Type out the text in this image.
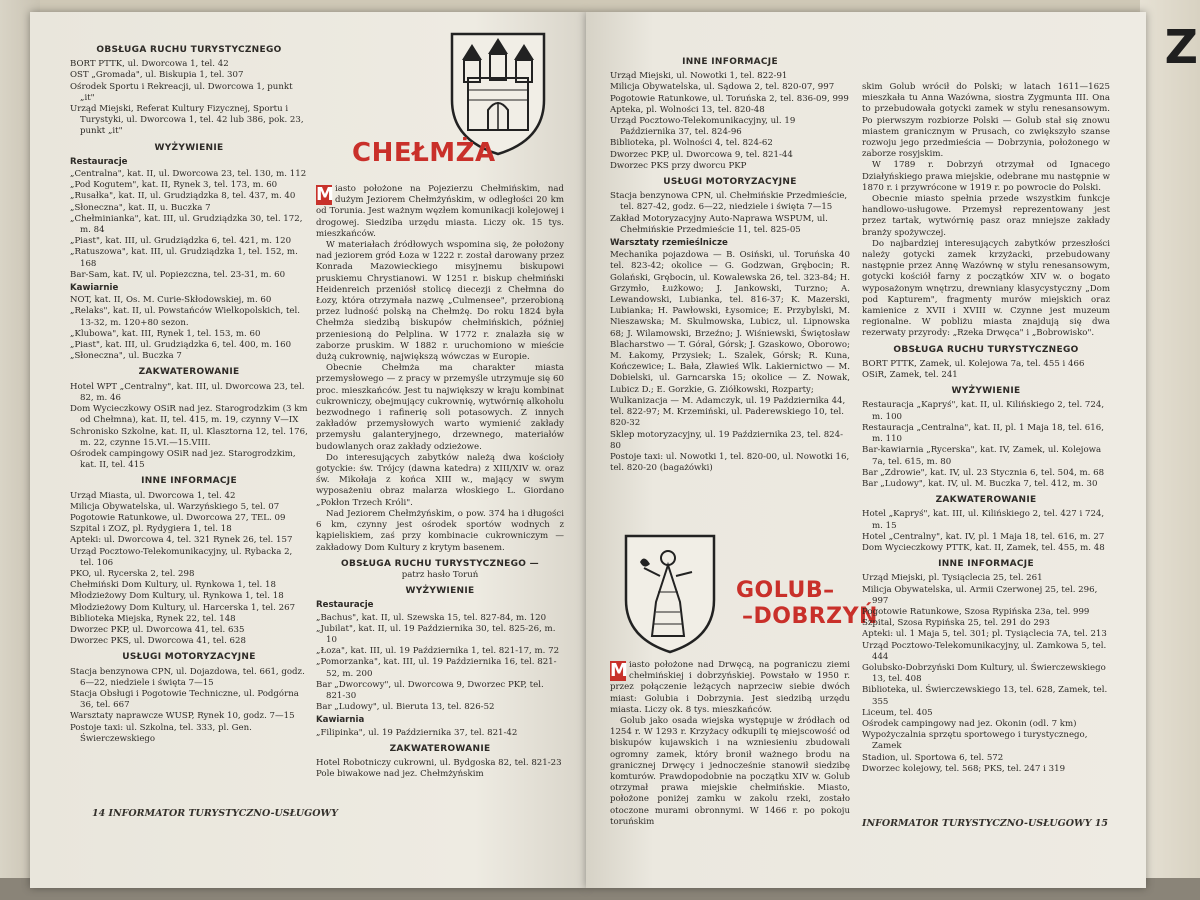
Z
OBSŁUGA RUCHU TURYSTYCZNEGO

BORT PTTK, ul. Dworcowa 1, tel. 42

OST „Gromada", ul. Biskupia 1, tel. 307

Ośrodek Sportu i Rekreacji, ul. Dworcowa 1, punkt „it"

Urząd Miejski, Referat Kultury Fizycznej, Sportu i Turystyki, ul. Dworcowa 1, tel. 42 lub 386, pok. 23, punkt „it"

WYŻYWIENIE
Restauracje

„Centralna", kat. II, ul. Dworcowa 23, tel. 130, m. 112

„Pod Kogutem", kat. II, Rynek 3, tel. 173, m. 60

„Rusałka", kat. II, ul. Grudziądzka 8, tel. 437, m. 40

„Słoneczna", kat. II, u. Buczka 7

„Chełminianka", kat. III, ul. Grudziądzka 30, tel. 172, m. 84

„Piast", kat. III, ul. Grudziądzka 6, tel. 421, m. 120

„Ratuszowa", kat. III, ul. Grudziądzka 1, tel. 152, m. 168

Bar-Sam, kat. IV, ul. Popiezczna, tel. 23-31, m. 60

Kawiarnie

NOT, kat. II, Os. M. Curie-Skłodowskiej, m. 60

„Relaks", kat. II, ul. Powstańców Wielkopolskich, tel. 13-32, m. 120+80 sezon.

„Klubowa", kat. III, Rynek 1, tel. 153, m. 60

„Piast", kat. III, ul. Grudziądzka 6, tel. 400, m. 160

„Słoneczna", ul. Buczka 7

ZAKWATEROWANIE

Hotel WPT „Centralny", kat. III, ul. Dworcowa 23, tel. 82, m. 46

Dom Wycieczkowy OSiR nad jez. Starogrodzkim (3 km od Chełmna), kat. II, tel. 415, m. 19, czynny V—IX

Schronisko Szkolne, kat. II, ul. Klasztorna 12, tel. 176, m. 22, czynne 15.VI.—15.VIII.

Ośrodek campingowy OSiR nad jez. Starogrodzkim, kat. II, tel. 415

INNE INFORMACJE

Urząd Miasta, ul. Dworcowa 1, tel. 42

Milicja Obywatelska, ul. Warzyńskiego 5, tel. 07

Pogotowie Ratunkowe, ul. Dworcowa 27, TEL. 09

Szpital i ZOZ, pl. Rydygiera 1, tel. 18

Apteki: ul. Dworcowa 4, tel. 321 Rynek 26, tel. 157

Urząd Pocztowo-Telekomunikacyjny, ul. Rybacka 2, tel. 106

PKO, ul. Rycerska 2, tel. 298

Chełmiński Dom Kultury, ul. Rynkowa 1, tel. 18

Młodzieżowy Dom Kultury, ul. Rynkowa 1, tel. 18

Młodzieżowy Dom Kultury, ul. Harcerska 1, tel. 267

Biblioteka Miejska, Rynek 22, tel. 148

Dworzec PKP, ul. Dworcowa 41, tel. 635

Dworzec PKS, ul. Dworcowa 41, tel. 628

USŁUGI MOTORYZACYJNE

Stacja benzynowa CPN, ul. Dojazdowa, tel. 661, godz. 6—22, niedziele i święta 7—15

Stacja Obsługi i Pogotowie Techniczne, ul. Podgórna 36, tel. 667

Warsztaty naprawcze WUSP, Rynek 10, godz. 7—15

Postoje taxi: ul. Szkolna, tel. 333, pl. Gen. Świerczewskiego

CHEŁMŻA

M iasto położone na Pojezierzu Chełmińskim, nad dużym Jeziorem Chełmżyńskim, w odległości 20 km od Torunia. Jest ważnym węzłem komunikacji kolejowej i drogowej. Siedziba urzędu miasta. Liczy ok. 15 tys. mieszkańców.

W materiałach źródłowych wspomina się, że położony nad jeziorem gród Łoza w 1222 r. został darowany przez Konrada Mazowieckiego misyjnemu biskupowi pruskiemu Chrystianowi. W 1251 r. biskup chełmiński Heidenreich przeniósł stolicę diecezji z Chełmna do Łozy, która otrzymała nazwę „Culmensee", przerobioną przez ludność polską na Chełmżę. Do roku 1824 była Chełmża siedzibą biskupów chełmińskich, później przeniesioną do Pelplina. W 1772 r. znalazła się w zaborze pruskim. W 1882 r. uruchomiono w mieście dużą cukrownię, największą wówczas w Europie.

Obecnie Chełmża ma charakter miasta przemysłowego — z pracy w przemyśle utrzymuje się 60 proc. mieszkańców. Jest tu największy w kraju kombinat cukrowniczy, obejmujący cukrownię, wytwórnię alkoholu bezwodnego i rafinerię soli potasowych. Z innych zakładów przemysłowych warto wymienić zakłady przemysłu galanteryjnego, drzewnego, materiałów budowlanych oraz zakłady odzieżowe.

Do interesujących zabytków należą dwa kościoły gotyckie: św. Trójcy (dawna katedra) z XIII/XIV w. oraz św. Mikołaja z końca XIII w., mający w swym wyposażeniu obraz malarza włoskiego L. Giordano „Pokłon Trzech Króli".

Nad Jeziorem Chełmżyńskim, o pow. 374 ha i długości 6 km, czynny jest ośrodek sportów wodnych z kąpieliskiem, zaś przy kombinacie cukrowniczym — zakładowy Dom Kultury z krytym basenem.

OBSŁUGA RUCHU TURYSTYCZNEGO —
patrz hasło Toruń
WYŻYWIENIE
Restauracje

„Bachus", kat. II, ul. Szewska 15, tel. 827-84, m. 120

„Jubilat", kat. II, ul. 19 Października 30, tel. 825-26, m. 10

„Łoza", kat. III, ul. 19 Października 1, tel. 821-17, m. 72

„Pomorzanka", kat. III, ul. 19 Października 16, tel. 821-52, m. 200

Bar „Dworcowy", ul. Dworcowa 9, Dworzec PKP, tel. 821-30

Bar „Ludowy", ul. Bieruta 13, tel. 826-52

Kawiarnia

„Filipinka", ul. 19 Października 37, tel. 821-42

ZAKWATEROWANIE

Hotel Robotniczy cukrowni, ul. Bydgoska 82, tel. 821-23

Pole biwakowe nad jez. Chełmżyńskim

14 INFORMATOR TURYSTYCZNO-USŁUGOWY
INNE INFORMACJE

Urząd Miejski, ul. Nowotki 1, tel. 822-91

Milicja Obywatelska, ul. Sądowa 2, tel. 820-07, 997

Pogotowie Ratunkowe, ul. Toruńska 2, tel. 836-09, 999

Apteka, pl. Wolności 13, tel. 820-48

Urząd Pocztowo-Telekomunikacyjny, ul. 19 Października 37, tel. 824-96

Biblioteka, pl. Wolności 4, tel. 824-62

Dworzec PKP, ul. Dworcowa 9, tel. 821-44

Dworzec PKS przy dworcu PKP

USŁUGI MOTORYZACYJNE

Stacja benzynowa CPN, ul. Chełmińskie Przedmieście, tel. 827-42, godz. 6—22, niedziele i święta 7—15

Zakład Motoryzacyjny Auto-Naprawa WSPUM, ul. Chełmińskie Przedmieście 11, tel. 825-05

Warsztaty rzemieślnicze

Mechanika pojazdowa — B. Osiński, ul. Toruńska 40 tel. 823-42; okolice — G. Godzwan, Grębocin; R. Golański, Grębocin, ul. Kowalewska 26, tel. 323-84; H. Grzymło, Łużkowo; J. Jankowski, Turzno; A. Lewandowski, Lubianka, tel. 816-37; K. Mazerski, Lubianka; H. Pawłowski, Łysomice; E. Przybylski, M. Nieszawska; M. Skulmowska, Lubicz, ul. Lipnowska 68; J. Wilamowski, Brzeźno; J. Wiśniewski, Świętosław Blacharstwo — T. Góral, Górsk; J. Gzaskowo, Oborowo; M. Łakomy, Przysiek; L. Szalek, Górsk; R. Kuna, Kończewice; L. Bała, Zławieś Wlk. Lakiernictwo — M. Dobielski, ul. Garncarska 15; okolice — Z. Nowak, Lubicz D.; E. Gorzkie, G. Ziółkowski, Rozparty;

Wulkanizacja — M. Adamczyk, ul. 19 Października 44, tel. 822-97; M. Krzemiński, ul. Paderewskiego 10, tel. 820-32

Sklep motoryzacyjny, ul. 19 Października 23, tel. 824-80

Postoje taxi: ul. Nowotki 1, tel. 820-00, ul. Nowotki 16, tel. 820-20 (bagażówki)

GOLUB–
–DOBRZYŃ

M iasto położone nad Drwęcą, na pograniczu ziemi chełmińskiej i dobrzyńskiej. Powstało w 1950 r. przez połączenie leżących naprzeciw siebie dwóch miast: Golubia i Dobrzynia. Jest siedzibą urzędu miasta. Liczy ok. 8 tys. mieszkańców.

Golub jako osada wiejska występuje w źródłach od 1254 r. W 1293 r. Krzyżacy odkupili tę miejscowość od biskupów kujawskich i na wzniesieniu zbudowali ogromny zamek, który bronił ważnego brodu na granicznej Drwęcy i jednocześnie stanowił siedzibę komturów. Prawdopodobnie na początku XIV w. Golub otrzymał prawa miejskie chełmińskie. Miasto, położone poniżej zamku w zakolu rzeki, zostało otoczone murami obronnymi. W 1466 r. po pokoju toruńskim

skim Golub wrócił do Polski; w latach 1611—1625 mieszkała tu Anna Wazówna, siostra Zygmunta III. Ona to przebudowała gotycki zamek w stylu renesansowym. Po pierwszym rozbiorze Polski — Golub stał się znowu miastem granicznym w Prusach, co zwiększyło szanse rozwoju jego przedmieścia — Dobrzynia, położonego w zaborze rosyjskim.

W 1789 r. Dobrzyń otrzymał od Ignacego Działyńskiego prawa miejskie, odebrane mu następnie w 1870 r. i przywrócone w 1919 r. po powrocie do Polski.

Obecnie miasto spełnia przede wszystkim funkcje handlowo-usługowe. Przemysł reprezentowany jest przez tartak, wytwórnię pasz oraz mniejsze zakłady branży spożywczej.

Do najbardziej interesujących zabytków przeszłości należy gotycki zamek krzyżacki, przebudowany następnie przez Annę Wazównę w stylu renesansowym, gotycki kościół farny z początków XIV w. o bogato wyposażonym wnętrzu, drewniany klasycystyczny „Dom pod Kapturem", fragmenty murów miejskich oraz kamienice z XVII i XVIII w. Czynne jest muzeum regionalne. W pobliżu miasta znajdują się dwa rezerwaty przyrody: „Rzeka Drwęca" i „Bobrowisko".

OBSŁUGA RUCHU TURYSTYCZNEGO

BORT PTTK, Zamek, ul. Kolejowa 7a, tel. 455 i 466

OSiR, Zamek, tel. 241

WYŻYWIENIE

Restauracja „Kapryś", kat. II, ul. Kilińskiego 2, tel. 724, m. 100

Restauracja „Centralna", kat. II, pl. 1 Maja 18, tel. 616, m. 110

Bar-kawiarnia „Rycerska", kat. IV, Zamek, ul. Kolejowa 7a, tel. 615, m. 80

Bar „Zdrowie", kat. IV, ul. 23 Stycznia 6, tel. 504, m. 68

Bar „Ludowy", kat. IV, ul. M. Buczka 7, tel. 412, m. 30

ZAKWATEROWANIE

Hotel „Kapryś", kat. III, ul. Kilińskiego 2, tel. 427 i 724, m. 15

Hotel „Centralny", kat. IV, pl. 1 Maja 18, tel. 616, m. 27

Dom Wycieczkowy PTTK, kat. II, Zamek, tel. 455, m. 48

INNE INFORMACJE

Urząd Miejski, pl. Tysiąclecia 25, tel. 261

Milicja Obywatelska, ul. Armii Czerwonej 25, tel. 296, 997

Pogotowie Ratunkowe, Szosa Rypińska 23a, tel. 999

Szpital, Szosa Rypińska 25, tel. 291 do 293

Apteki: ul. 1 Maja 5, tel. 301; pl. Tysiąclecia 7A, tel. 213

Urząd Pocztowo-Telekomunikacyjny, ul. Zamkowa 5, tel. 444

Golubsko-Dobrzyński Dom Kultury, ul. Świerczewskiego 13, tel. 408

Biblioteka, ul. Świerczewskiego 13, tel. 628, Zamek, tel. 355

Liceum, tel. 405

Ośrodek campingowy nad jez. Okonin (odl. 7 km)

Wypożyczalnia sprzętu sportowego i turystycznego, Zamek

Stadion, ul. Sportowa 6, tel. 572

Dworzec kolejowy, tel. 568; PKS, tel. 247 i 319

INFORMATOR TURYSTYCZNO-USŁUGOWY 15
